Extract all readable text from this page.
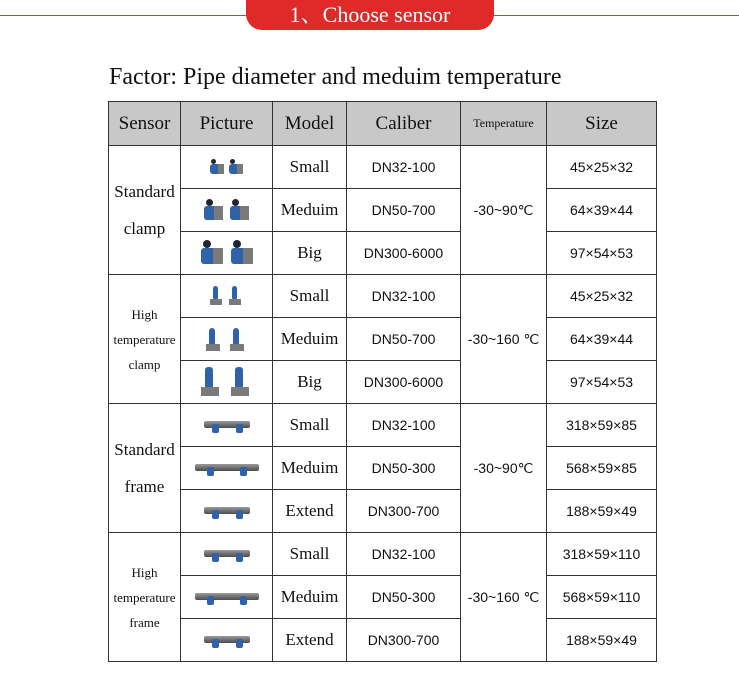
1、Choose sensor
Factor: Pipe diameter and meduim temperature
Sensor	Picture	Model	Caliber	Temperature	Size
Standard clamp		Small	DN32-100	-30~90℃	45×25×32

		Meduim	DN50-700		64×39×44

		Big	DN300-6000		97×54×53
High temperature clamp		Small	DN32-100	-30~160 ℃	45×25×32

		Meduim	DN50-700		64×39×44

		Big	DN300-6000		97×54×53
Standard frame		Small	DN32-100	-30~90℃	318×59×85

		Meduim	DN50-300		568×59×85

		Extend	DN300-700		188×59×49
High temperature frame		Small	DN32-100	-30~160 ℃	318×59×110

		Meduim	DN50-300		568×59×110

		Extend	DN300-700		188×59×49
